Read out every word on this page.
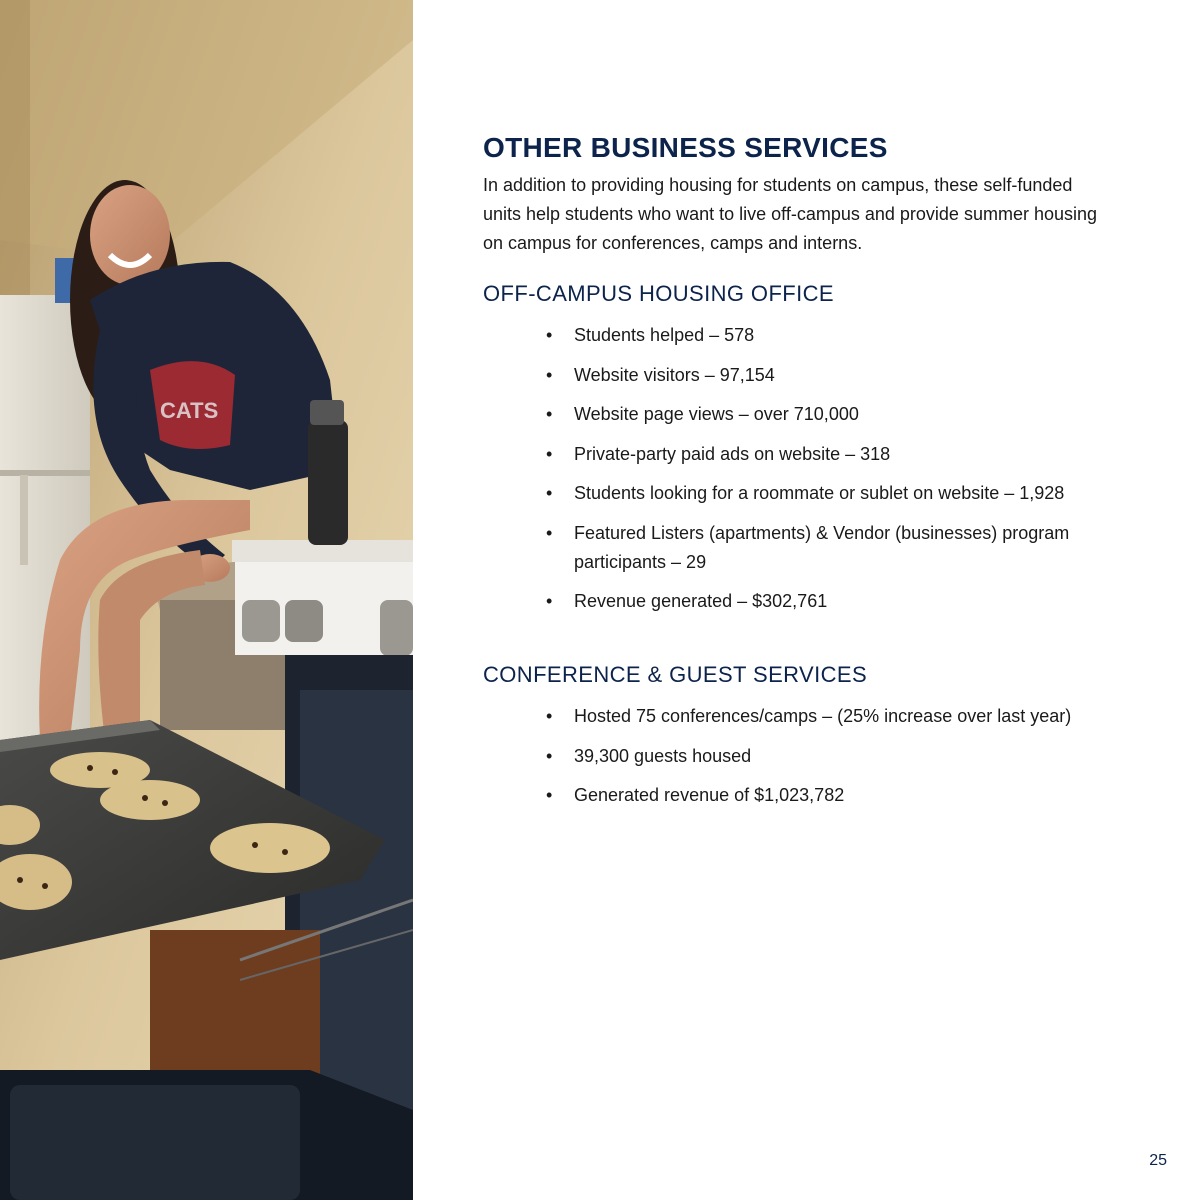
CATS
OTHER BUSINESS SERVICES

In addition to providing housing for students on campus, these self-funded units help students who want to live off-campus and provide summer housing on campus for conferences, camps and interns.

OFF-CAMPUS HOUSING OFFICE
• Students helped – 578
• Website visitors – 97,154
• Website page views – over 710,000
• Private-party paid ads on website – 318
• Students looking for a roommate or sublet on website – 1,928
• Featured Listers (apartments) & Vendor (businesses) program participants – 29
• Revenue generated – $302,761
CONFERENCE & GUEST SERVICES
• Hosted 75 conferences/camps – (25% increase over last year)
• 39,300 guests housed
• Generated revenue of $1,023,782
25
